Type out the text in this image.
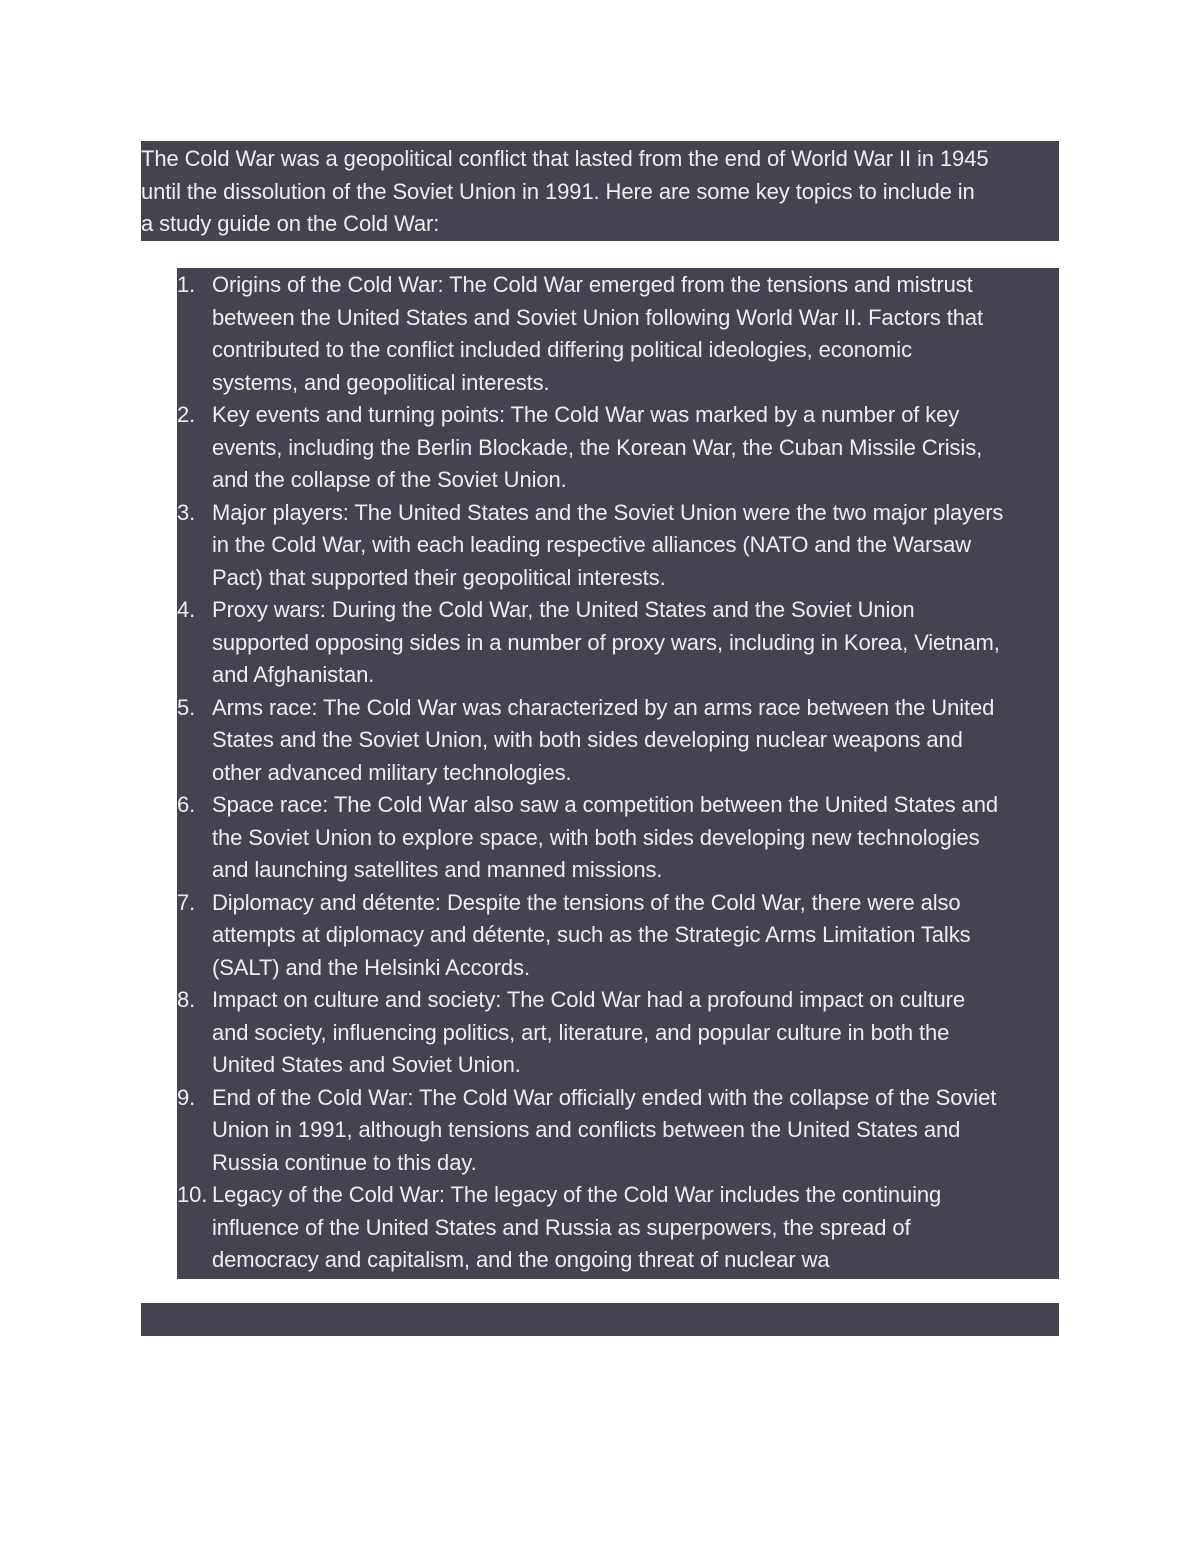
The Cold War was a geopolitical conflict that lasted from the end of World War II in 1945
until the dissolution of the Soviet Union in 1991. Here are some key topics to include in
a study guide on the Cold War:

1. Origins of the Cold War: The Cold War emerged from the tensions and mistrust
between the United States and Soviet Union following World War II. Factors that
contributed to the conflict included differing political ideologies, economic
systems, and geopolitical interests.
2. Key events and turning points: The Cold War was marked by a number of key
events, including the Berlin Blockade, the Korean War, the Cuban Missile Crisis,
and the collapse of the Soviet Union.
3. Major players: The United States and the Soviet Union were the two major players
in the Cold War, with each leading respective alliances (NATO and the Warsaw
Pact) that supported their geopolitical interests.
4. Proxy wars: During the Cold War, the United States and the Soviet Union
supported opposing sides in a number of proxy wars, including in Korea, Vietnam,
and Afghanistan.
5. Arms race: The Cold War was characterized by an arms race between the United
States and the Soviet Union, with both sides developing nuclear weapons and
other advanced military technologies.
6. Space race: The Cold War also saw a competition between the United States and
the Soviet Union to explore space, with both sides developing new technologies
and launching satellites and manned missions.
7. Diplomacy and détente: Despite the tensions of the Cold War, there were also
attempts at diplomacy and détente, such as the Strategic Arms Limitation Talks
(SALT) and the Helsinki Accords.
8. Impact on culture and society: The Cold War had a profound impact on culture
and society, influencing politics, art, literature, and popular culture in both the
United States and Soviet Union.
9. End of the Cold War: The Cold War officially ended with the collapse of the Soviet
Union in 1991, although tensions and conflicts between the United States and
Russia continue to this day.
10. Legacy of the Cold War: The legacy of the Cold War includes the continuing
influence of the United States and Russia as superpowers, the spread of
democracy and capitalism, and the ongoing threat of nuclear wa
